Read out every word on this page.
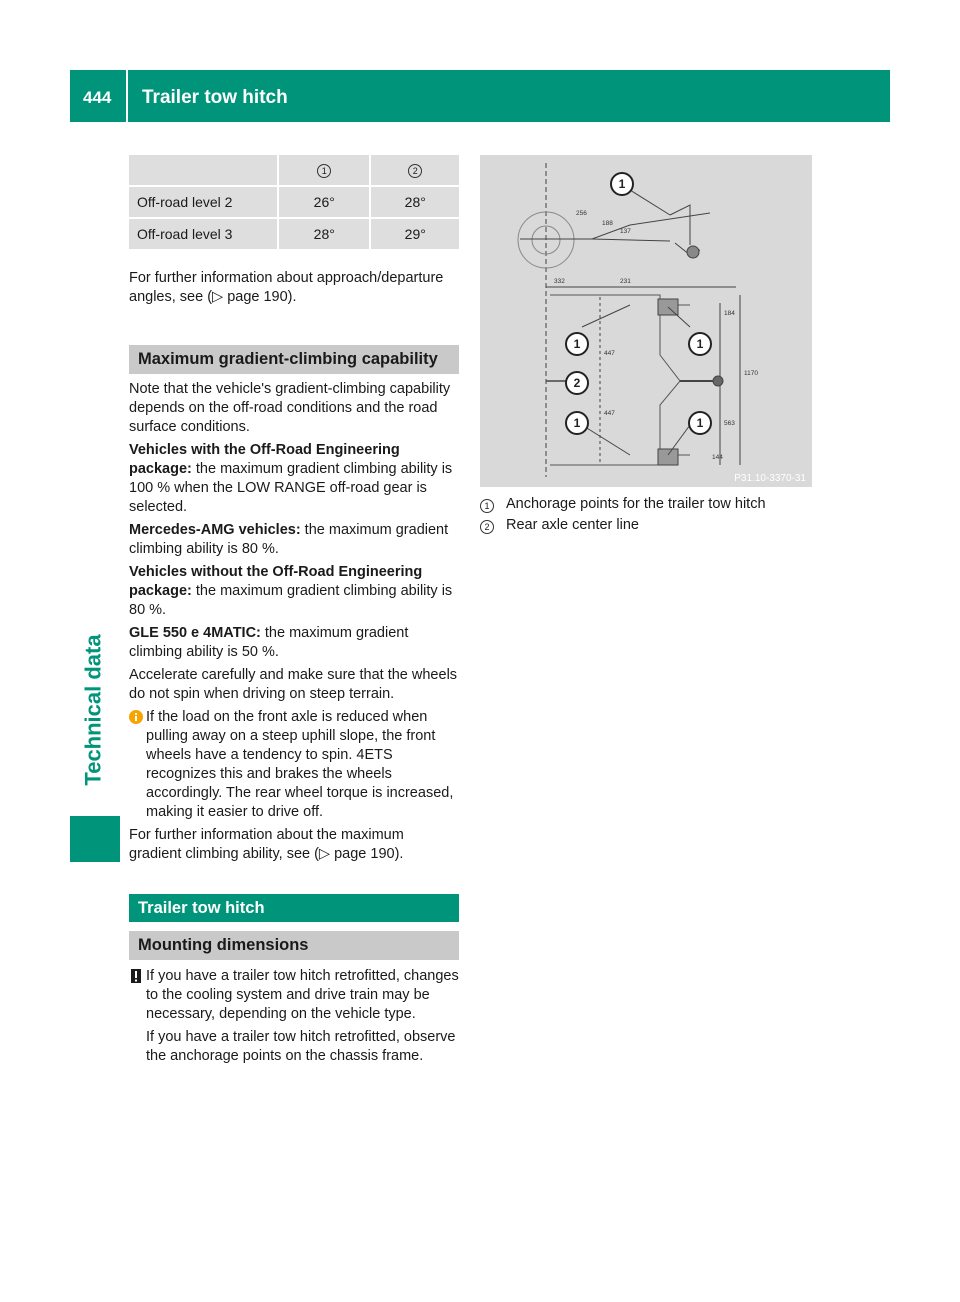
444 Trailer tow hitch
Technical data
	1	2
Off-road level 2	26°	28°
Off-road level 3	28°	29°

For further information about approach/departure angles, see (▷ page 190).

Maximum gradient-climbing capability

Note that the vehicle's gradient-climbing capability depends on the off-road conditions and the road surface conditions.

Vehicles with the Off-Road Engineering package: the maximum gradient climbing ability is 100 % when the LOW RANGE off-road gear is selected.

Mercedes-AMG vehicles: the maximum gradient climbing ability is 80 %.

Vehicles without the Off-Road Engineering package: the maximum gradient climbing ability is 80 %.

GLE 550 e 4MATIC: the maximum gradient climbing ability is 50 %.

Accelerate carefully and make sure that the wheels do not spin when driving on steep terrain.

If the load on the front axle is reduced when pulling away on a steep uphill slope, the front wheels have a tendency to spin. 4ETS recognizes this and brakes the wheels accordingly. The rear wheel torque is increased, making it easier to drive off.

For further information about the maximum gradient climbing ability, see (▷ page 190).

Trailer tow hitch
Mounting dimensions

If you have a trailer tow hitch retrofitted, changes to the cooling system and drive train may be necessary, depending on the vehicle type.

If you have a trailer tow hitch retrofitted, observe the anchorage points on the chassis frame.

332	231
256
188
137
184
447
447
1170
563
144
1
1	1
2
1	1
P31.10-3370-31
1	Anchorage points for the trailer tow hitch
2	Rear axle center line
